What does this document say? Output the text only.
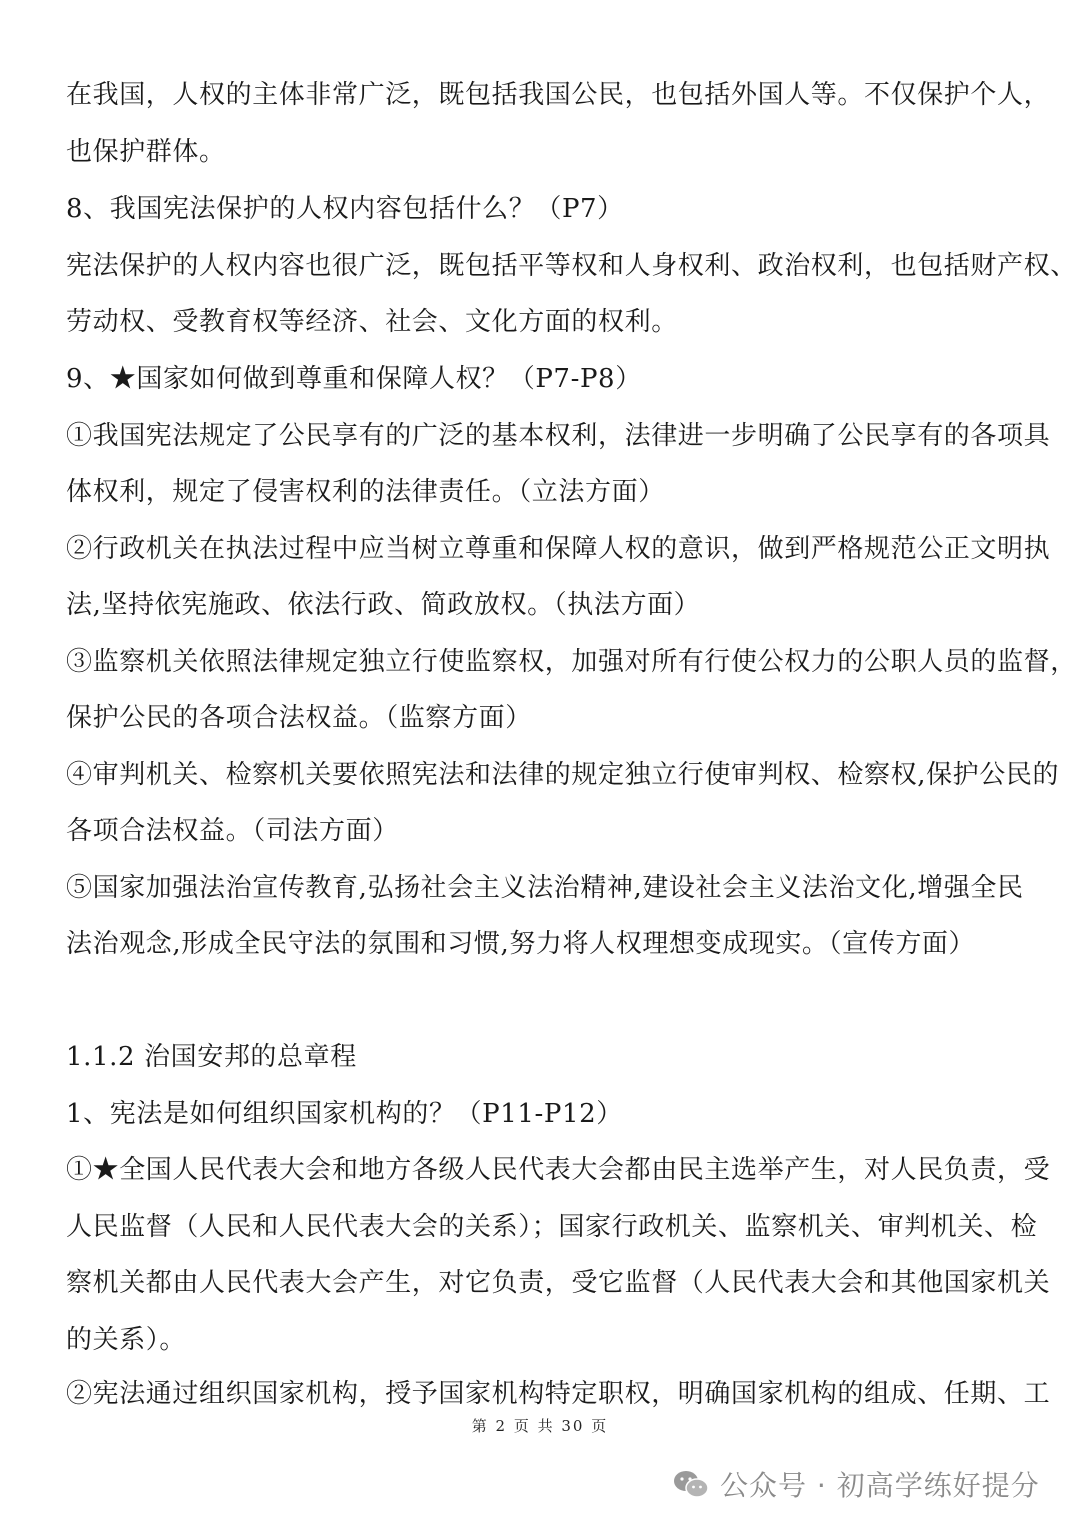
在我国，人权的主体非常广泛，既包括我国公民，也包括外国人等。不仅保护个人，
也保护群体。
8、我国宪法保护的人权内容包括什么？（P7）
宪法保护的人权内容也很广泛，既包括平等权和人身权利、政治权利，也包括财产权、
劳动权、受教育权等经济、社会、文化方面的权利。
9、★国家如何做到尊重和保障人权？（P7-P8）
①我国宪法规定了公民享有的广泛的基本权利，法律进一步明确了公民享有的各项具
体权利，规定了侵害权利的法律责任。（立法方面）
②行政机关在执法过程中应当树立尊重和保障人权的意识，做到严格规范公正文明执
法,坚持依宪施政、依法行政、简政放权。（执法方面）
③监察机关依照法律规定独立行使监察权，加强对所有行使公权力的公职人员的监督，
保护公民的各项合法权益。（监察方面）
④审判机关、检察机关要依照宪法和法律的规定独立行使审判权、检察权,保护公民的
各项合法权益。（司法方面）
⑤国家加强法治宣传教育,弘扬社会主义法治精神,建设社会主义法治文化,增强全民
法治观念,形成全民守法的氛围和习惯,努力将人权理想变成现实。（宣传方面）
1.1.2 治国安邦的总章程
1、宪法是如何组织国家机构的？（P11-P12）
①★全国人民代表大会和地方各级人民代表大会都由民主选举产生，对人民负责，受
人民监督（人民和人民代表大会的关系）；国家行政机关、监察机关、审判机关、检
察机关都由人民代表大会产生，对它负责，受它监督（人民代表大会和其他国家机关
的关系）。
②宪法通过组织国家机构，授予国家机构特定职权，明确国家机构的组成、任期、工
第 2 页 共 30 页
公众号 · 初高学练好提分
